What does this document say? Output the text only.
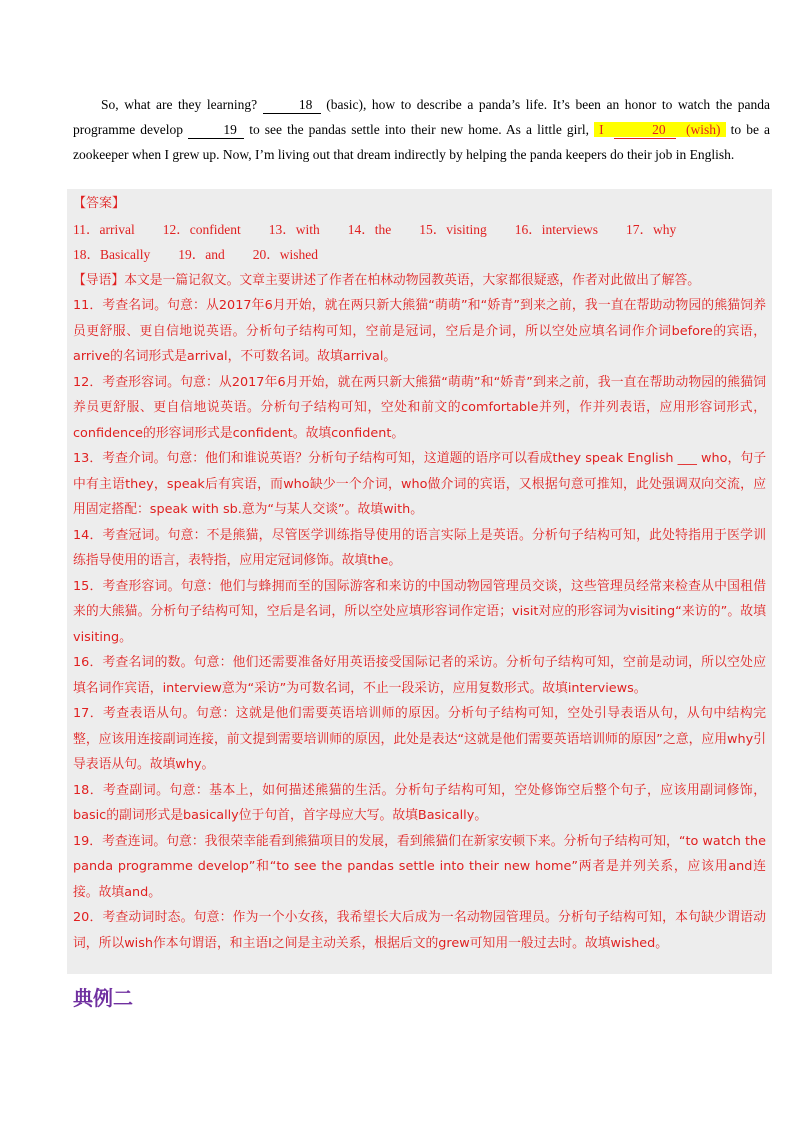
So, what are they learning?	18 (basic), how to describe a panda’s life. It’s been an honor to watch the panda programme develop	19 to see the pandas settle into their new home. As a little girl, I	20 (wish) to be a zookeeper when I grew up. Now, I’m living out that dream indirectly by helping the panda keepers do their job in English.

【答案】
11．arrival 12．confident 13．with 14．the 15．visiting 16．interviews 17．why
18．Basically 19．and 20．wished

【导语】本文是一篇记叙文。文章主要讲述了作者在柏林动物园教英语，大家都很疑惑，作者对此做出了解答。

11．考查名词。句意：从2017年6月开始，就在两只新大熊猫“萌萌”和“娇青”到来之前，我一直在帮助动物园的熊猫饲养员更舒服、更自信地说英语。分析句子结构可知，空前是冠词，空后是介词，所以空处应填名词作介词before的宾语，arrive的名词形式是arrival，不可数名词。故填arrival。

12．考查形容词。句意：从2017年6月开始，就在两只新大熊猫“萌萌”和“娇青”到来之前，我一直在帮助动物园的熊猫饲养员更舒服、更自信地说英语。分析句子结构可知，空处和前文的comfortable并列，作并列表语，应用形容词形式，confidence的形容词形式是confident。故填confident。

13．考查介词。句意：他们和谁说英语？分析句子结构可知，这道题的语序可以看成they speak English ___ who，句子中有主语they，speak后有宾语，而who缺少一个介词，who做介词的宾语，又根据句意可推知，此处强调双向交流，应用固定搭配：speak with sb.意为“与某人交谈”。故填with。

14．考查冠词。句意：不是熊猫，尽管医学训练指导使用的语言实际上是英语。分析句子结构可知，此处特指用于医学训练指导使用的语言，表特指，应用定冠词修饰。故填the。

15．考查形容词。句意：他们与蜂拥而至的国际游客和来访的中国动物园管理员交谈，这些管理员经常来检查从中国租借来的大熊猫。分析句子结构可知，空后是名词，所以空处应填形容词作定语；visit对应的形容词为visiting“来访的”。故填visiting。

16．考查名词的数。句意：他们还需要准备好用英语接受国际记者的采访。分析句子结构可知，空前是动词，所以空处应填名词作宾语，interview意为“采访”为可数名词，不止一段采访，应用复数形式。故填interviews。

17．考查表语从句。句意：这就是他们需要英语培训师的原因。分析句子结构可知，空处引导表语从句，从句中结构完整，应该用连接副词连接，前文提到需要培训师的原因，此处是表达“这就是他们需要英语培训师的原因”之意，应用why引导表语从句。故填why。

18．考查副词。句意：基本上，如何描述熊猫的生活。分析句子结构可知，空处修饰空后整个句子，应该用副词修饰，basic的副词形式是basically位于句首，首字母应大写。故填Basically。

19．考查连词。句意：我很荣幸能看到熊猫项目的发展，看到熊猫们在新家安顿下来。分析句子结构可知，“to watch the panda programme develop”和“to see the pandas settle into their new home”两者是并列关系，应该用and连接。故填and。

20．考查动词时态。句意：作为一个小女孩，我希望长大后成为一名动物园管理员。分析句子结构可知，本句缺少谓语动词，所以wish作本句谓语，和主语I之间是主动关系，根据后文的grew可知用一般过去时。故填wished。

典例二
